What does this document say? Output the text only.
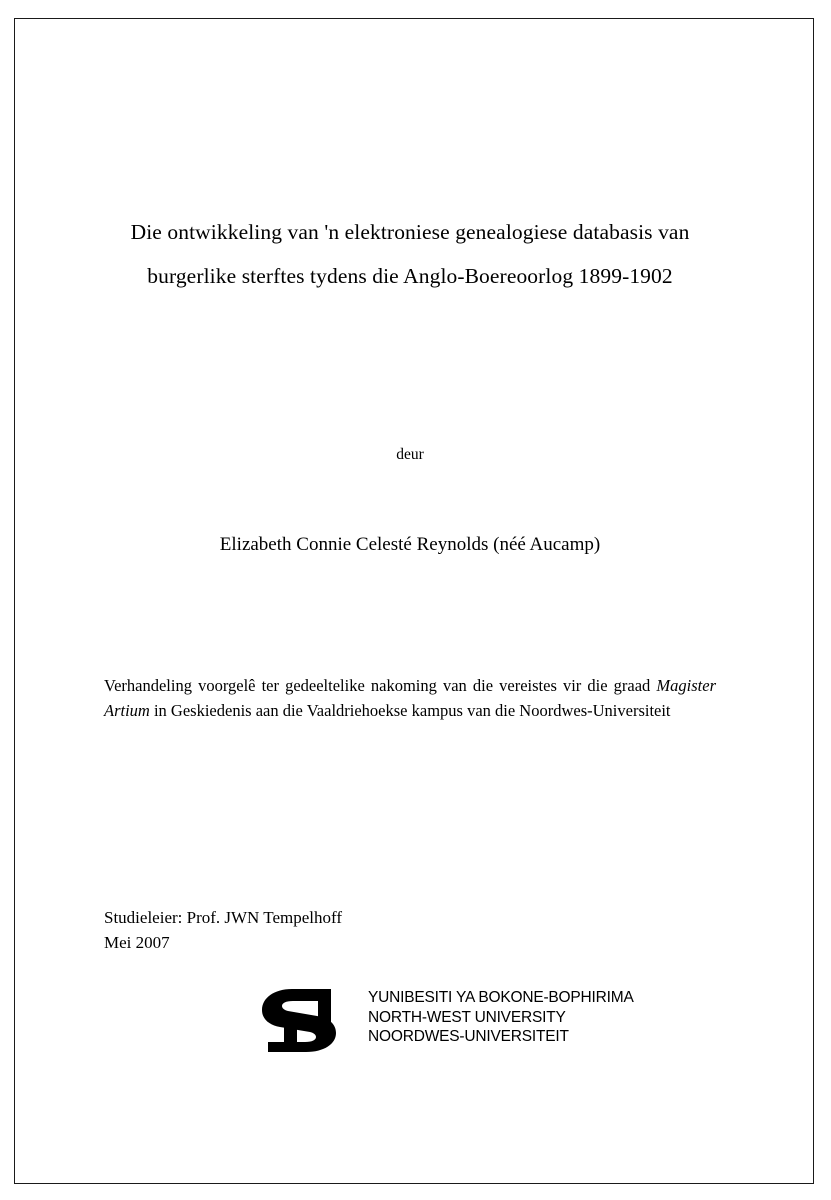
Die ontwikkeling van 'n elektroniese genealogiese databasis van
burgerlike sterftes tydens die Anglo-Boereoorlog 1899-1902
deur
Elizabeth Connie Celesté Reynolds (néé Aucamp)

Verhandeling voorgelê ter gedeeltelike nakoming van die vereistes vir die graad Magister Artium in Geskiedenis aan die Vaaldriehoekse kampus van die Noordwes-Universiteit

Studieleier: Prof. JWN Tempelhoff
Mei 2007
YUNIBESITI YA BOKONE-BOPHIRIMA
NORTH-WEST UNIVERSITY
NOORDWES-UNIVERSITEIT
